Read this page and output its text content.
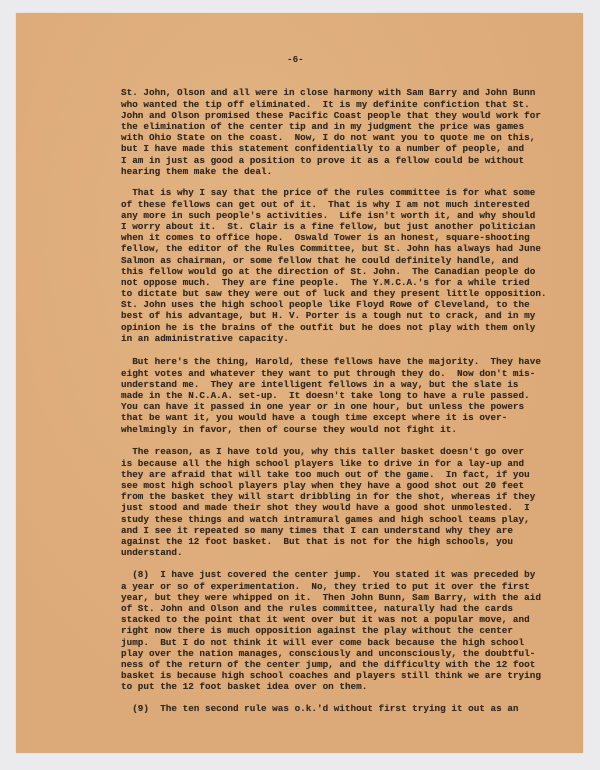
-6-
St. John, Olson and all were in close harmony with Sam Barry and John Bunn
who wanted the tip off eliminated.  It is my definite confiction that St.
John and Olson promised these Pacific Coast people that they would work for
the elimination of the center tip and in my judgment the price was games
with Ohio State on the coast.  Now, I do not want you to quote me on this,
but I have made this statement confidentially to a number of people, and
I am in just as good a position to prove it as a fellow could be without
hearing them make the deal.
That is why I say that the price of the rules committee is for what some
of these fellows can get out of it.  That is why I am not much interested
any more in such people's activities.  Life isn't worth it, and why should
I worry about it.  St. Clair is a fine fellow, but just another politician
when it comes to office hope.  Oswald Tower is an honest, square-shooting
fellow, the editor of the Rules Committee, but St. John has always had June
Salmon as chairman, or some fellow that he could definitely handle, and
this fellow would go at the direction of St. John.  The Canadian people do
not oppose much.  They are fine people.  The Y.M.C.A.'s for a while tried
to dictate but saw they were out of luck and they present little opposition.
St. John uses the high school people like Floyd Rowe of Cleveland, to the
best of his advantage, but H. V. Porter is a tough nut to crack, and in my
opinion he is the brains of the outfit but he does not play with them only
in an administrative capacity.
But here's the thing, Harold, these fellows have the majority.  They have
eight votes and whatever they want to put through they do.  Now don't mis-
understand me.  They are intelligent fellows in a way, but the slate is
made in the N.C.A.A. set-up.  It doesn't take long to have a rule passed.
You can have it passed in one year or in one hour, but unless the powers
that be want it, you would have a tough time except where it is over-
whelmingly in favor, then of course they would not fight it.
The reason, as I have told you, why this taller basket doesn't go over
is because all the high school players like to drive in for a lay-up and
they are afraid that will take too much out of the game.  In fact, if you
see most high school players play when they have a good shot out 20 feet
from the basket they will start dribbling in for the shot, whereas if they
just stood and made their shot they would have a good shot unmolested.  I
study these things and watch intramural games and high school teams play,
and I see it repeated so many times that I can understand why they are
against the 12 foot basket.  But that is not for the high schools, you
understand.
(8)  I have just covered the center jump.  You stated it was preceded by
a year or so of experimentation.  No, they tried to put it over the first
year, but they were whipped on it.  Then John Bunn, Sam Barry, with the aid
of St. John and Olson and the rules committee, naturally had the cards
stacked to the point that it went over but it was not a popular move, and
right now there is much opposition against the play without the center
jump.  But I do not think it will ever come back because the high school
play over the nation manages, consciously and unconsciously, the doubtful-
ness of the return of the center jump, and the difficulty with the 12 foot
basket is because high school coaches and players still think we are trying
to put the 12 foot basket idea over on them.
(9)  The ten second rule was o.k.'d without first trying it out as an
